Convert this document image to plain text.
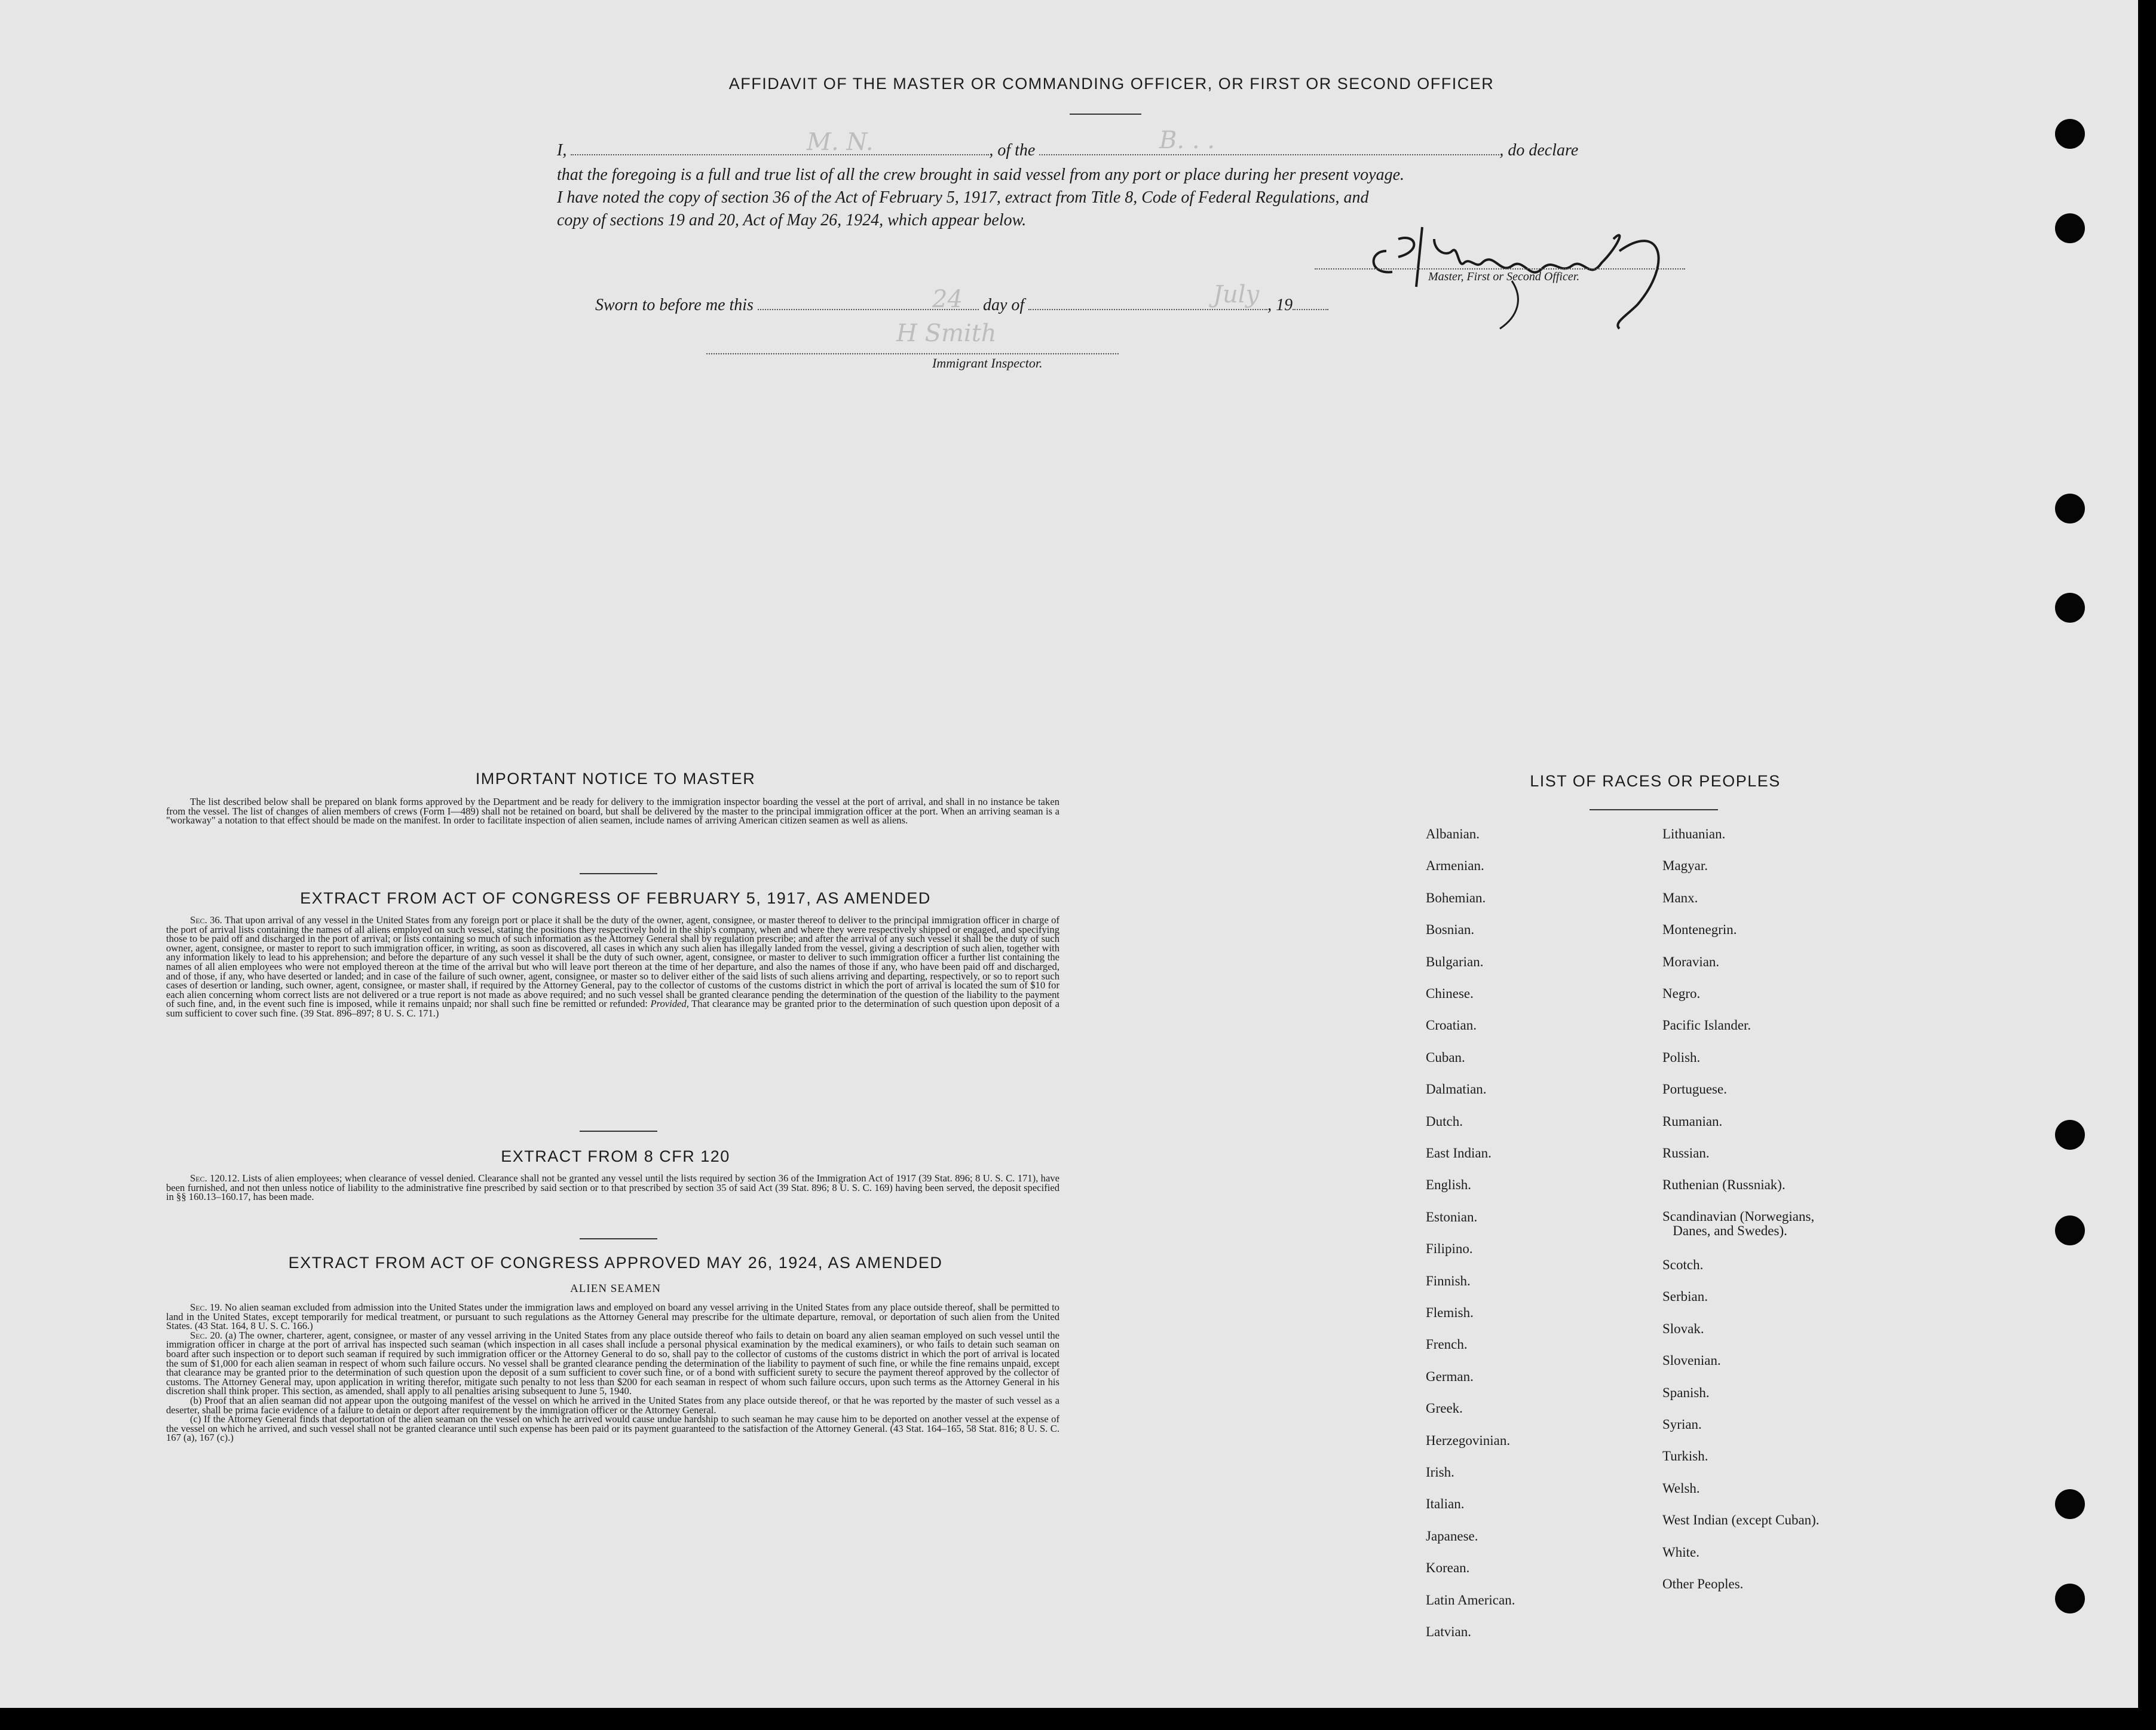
AFFIDAVIT OF THE MASTER OR COMMANDING OFFICER, OR FIRST OR SECOND OFFICER
I,	, of the	, do declare
M. N.	B. . .
that the foregoing is a full and true list of all the crew brought in said vessel from any port or place during her present voyage.
I have noted the copy of section 36 of the Act of February 5, 1917, extract from Title 8, Code of Federal Regulations, and
copy of sections 19 and 20, Act of May 26, 1924, which appear below.
Master, First or Second Officer.
Sworn to before me this	day of	, 19
24	July
H Smith
Immigrant Inspector.
IMPORTANT NOTICE TO MASTER

The list described below shall be prepared on blank forms approved by the Department and be ready for delivery to the immigration inspector boarding the vessel at the port of arrival, and shall in no instance be taken from the vessel. The list of changes of alien members of crews (Form I—489) shall not be retained on board, but shall be delivered by the master to the principal immigration officer at the port. When an arriving seaman is a "workaway" a notation to that effect should be made on the manifest. In order to facilitate inspection of alien seamen, include names of arriving American citizen seamen as well as aliens.

EXTRACT FROM ACT OF CONGRESS OF FEBRUARY 5, 1917, AS AMENDED

Sec. 36. That upon arrival of any vessel in the United States from any foreign port or place it shall be the duty of the owner, agent, consignee, or master thereof to deliver to the principal immigration officer in charge of the port of arrival lists containing the names of all aliens employed on such vessel, stating the positions they respectively hold in the ship's company, when and where they were respectively shipped or engaged, and specifying those to be paid off and discharged in the port of arrival; or lists containing so much of such information as the Attorney General shall by regulation prescribe; and after the arrival of any such vessel it shall be the duty of such owner, agent, consignee, or master to report to such immigration officer, in writing, as soon as discovered, all cases in which any such alien has illegally landed from the vessel, giving a description of such alien, together with any information likely to lead to his apprehension; and before the departure of any such vessel it shall be the duty of such owner, agent, consignee, or master to deliver to such immigration officer a further list containing the names of all alien employees who were not employed thereon at the time of the arrival but who will leave port thereon at the time of her departure, and also the names of those if any, who have been paid off and discharged, and of those, if any, who have deserted or landed; and in case of the failure of such owner, agent, consignee, or master so to deliver either of the said lists of such aliens arriving and departing, respectively, or so to report such cases of desertion or landing, such owner, agent, consignee, or master shall, if required by the Attorney General, pay to the collector of customs of the customs district in which the port of arrival is located the sum of $10 for each alien concerning whom correct lists are not delivered or a true report is not made as above required; and no such vessel shall be granted clearance pending the determination of the question of the liability to the payment of such fine, and, in the event such fine is imposed, while it remains unpaid; nor shall such fine be remitted or refunded: Provided, That clearance may be granted prior to the determination of such question upon deposit of a sum sufficient to cover such fine. (39 Stat. 896–897; 8 U. S. C. 171.)

EXTRACT FROM 8 CFR 120

Sec. 120.12. Lists of alien employees; when clearance of vessel denied. Clearance shall not be granted any vessel until the lists required by section 36 of the Immigration Act of 1917 (39 Stat. 896; 8 U. S. C. 171), have been furnished, and not then unless notice of liability to the administrative fine prescribed by said section or to that prescribed by section 35 of said Act (39 Stat. 896; 8 U. S. C. 169) having been served, the deposit specified in §§ 160.13–160.17, has been made.

EXTRACT FROM ACT OF CONGRESS APPROVED MAY 26, 1924, AS AMENDED
ALIEN SEAMEN

Sec. 19. No alien seaman excluded from admission into the United States under the immigration laws and employed on board any vessel arriving in the United States from any place outside thereof, shall be permitted to land in the United States, except temporarily for medical treatment, or pursuant to such regulations as the Attorney General may prescribe for the ultimate departure, removal, or deportation of such alien from the United States. (43 Stat. 164, 8 U. S. C. 166.)

Sec. 20. (a) The owner, charterer, agent, consignee, or master of any vessel arriving in the United States from any place outside thereof who fails to detain on board any alien seaman employed on such vessel until the immigration officer in charge at the port of arrival has inspected such seaman (which inspection in all cases shall include a personal physical examination by the medical examiners), or who fails to detain such seaman on board after such inspection or to deport such seaman if required by such immigration officer or the Attorney General to do so, shall pay to the collector of customs of the customs district in which the port of arrival is located the sum of $1,000 for each alien seaman in respect of whom such failure occurs. No vessel shall be granted clearance pending the determination of the liability to payment of such fine, or while the fine remains unpaid, except that clearance may be granted prior to the determination of such question upon the deposit of a sum sufficient to cover such fine, or of a bond with sufficient surety to secure the payment thereof approved by the collector of customs. The Attorney General may, upon application in writing therefor, mitigate such penalty to not less than $200 for each seaman in respect of whom such failure occurs, upon such terms as the Attorney General in his discretion shall think proper. This section, as amended, shall apply to all penalties arising subsequent to June 5, 1940.

(b) Proof that an alien seaman did not appear upon the outgoing manifest of the vessel on which he arrived in the United States from any place outside thereof, or that he was reported by the master of such vessel as a deserter, shall be prima facie evidence of a failure to detain or deport after requirement by the immigration officer or the Attorney General.

(c) If the Attorney General finds that deportation of the alien seaman on the vessel on which he arrived would cause undue hardship to such seaman he may cause him to be deported on another vessel at the expense of the vessel on which he arrived, and such vessel shall not be granted clearance until such expense has been paid or its payment guaranteed to the satisfaction of the Attorney General. (43 Stat. 164–165, 58 Stat. 816; 8 U. S. C. 167 (a), 167 (c).)

LIST OF RACES OR PEOPLES
Albanian.
Armenian.
Bohemian.
Bosnian.
Bulgarian.
Chinese.
Croatian.
Cuban.
Dalmatian.
Dutch.
East Indian.
English.
Estonian.
Filipino.
Finnish.
Flemish.
French.
German.
Greek.
Herzegovinian.
Irish.
Italian.
Japanese.
Korean.
Latin American.
Latvian.
Lithuanian.
Magyar.
Manx.
Montenegrin.
Moravian.
Negro.
Pacific Islander.
Polish.
Portuguese.
Rumanian.
Russian.
Ruthenian (Russniak).
Scandinavian (Norwegians,
Danes, and Swedes).
Scotch.
Serbian.
Slovak.
Slovenian.
Spanish.
Syrian.
Turkish.
Welsh.
West Indian (except Cuban).
White.
Other Peoples.
